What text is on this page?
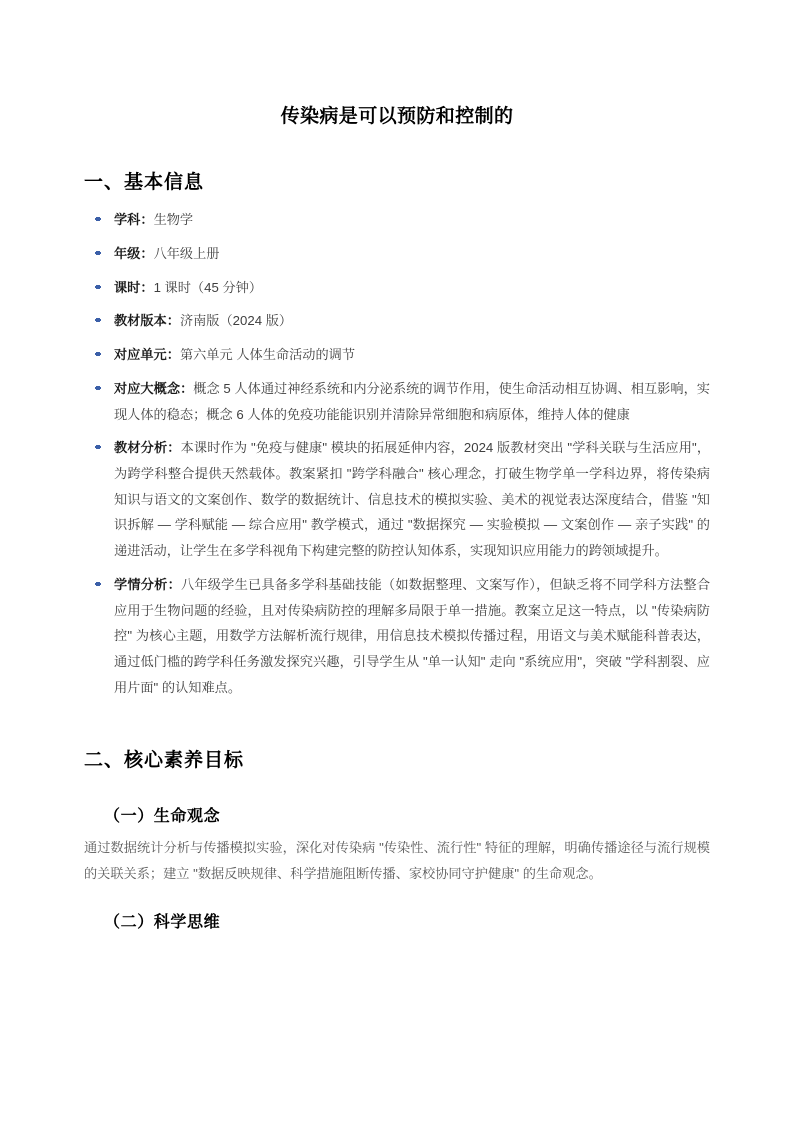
传染病是可以预防和控制的
一、基本信息
学科：生物学
年级：八年级上册
课时：1 课时（45 分钟）
教材版本：济南版（2024 版）
对应单元：第六单元 人体生命活动的调节
对应大概念：概念 5 人体通过神经系统和内分泌系统的调节作用，使生命活动相互协调、相互影响，实现人体的稳态；概念 6 人体的免疫功能能识别并清除异常细胞和病原体，维持人体的健康
教材分析：本课时作为 "免疫与健康" 模块的拓展延伸内容，2024 版教材突出 "学科关联与生活应用"，为跨学科整合提供天然载体。教案紧扣 "跨学科融合" 核心理念，打破生物学单一学科边界，将传染病知识与语文的文案创作、数学的数据统计、信息技术的模拟实验、美术的视觉表达深度结合，借鉴 "知识拆解 — 学科赋能 — 综合应用" 教学模式，通过 "数据探究 — 实验模拟 — 文案创作 — 亲子实践" 的递进活动，让学生在多学科视角下构建完整的防控认知体系，实现知识应用能力的跨领域提升。
学情分析：八年级学生已具备多学科基础技能（如数据整理、文案写作），但缺乏将不同学科方法整合应用于生物问题的经验，且对传染病防控的理解多局限于单一措施。教案立足这一特点，以 "传染病防控" 为核心主题，用数学方法解析流行规律，用信息技术模拟传播过程，用语文与美术赋能科普表达，通过低门槛的跨学科任务激发探究兴趣，引导学生从 "单一认知" 走向 "系统应用"，突破 "学科割裂、应用片面" 的认知难点。
二、核心素养目标
（一）生命观念

通过数据统计分析与传播模拟实验，深化对传染病 "传染性、流行性" 特征的理解，明确传播途径与流行规模的关联关系；建立 "数据反映规律、科学措施阻断传播、家校协同守护健康" 的生命观念。

（二）科学思维
